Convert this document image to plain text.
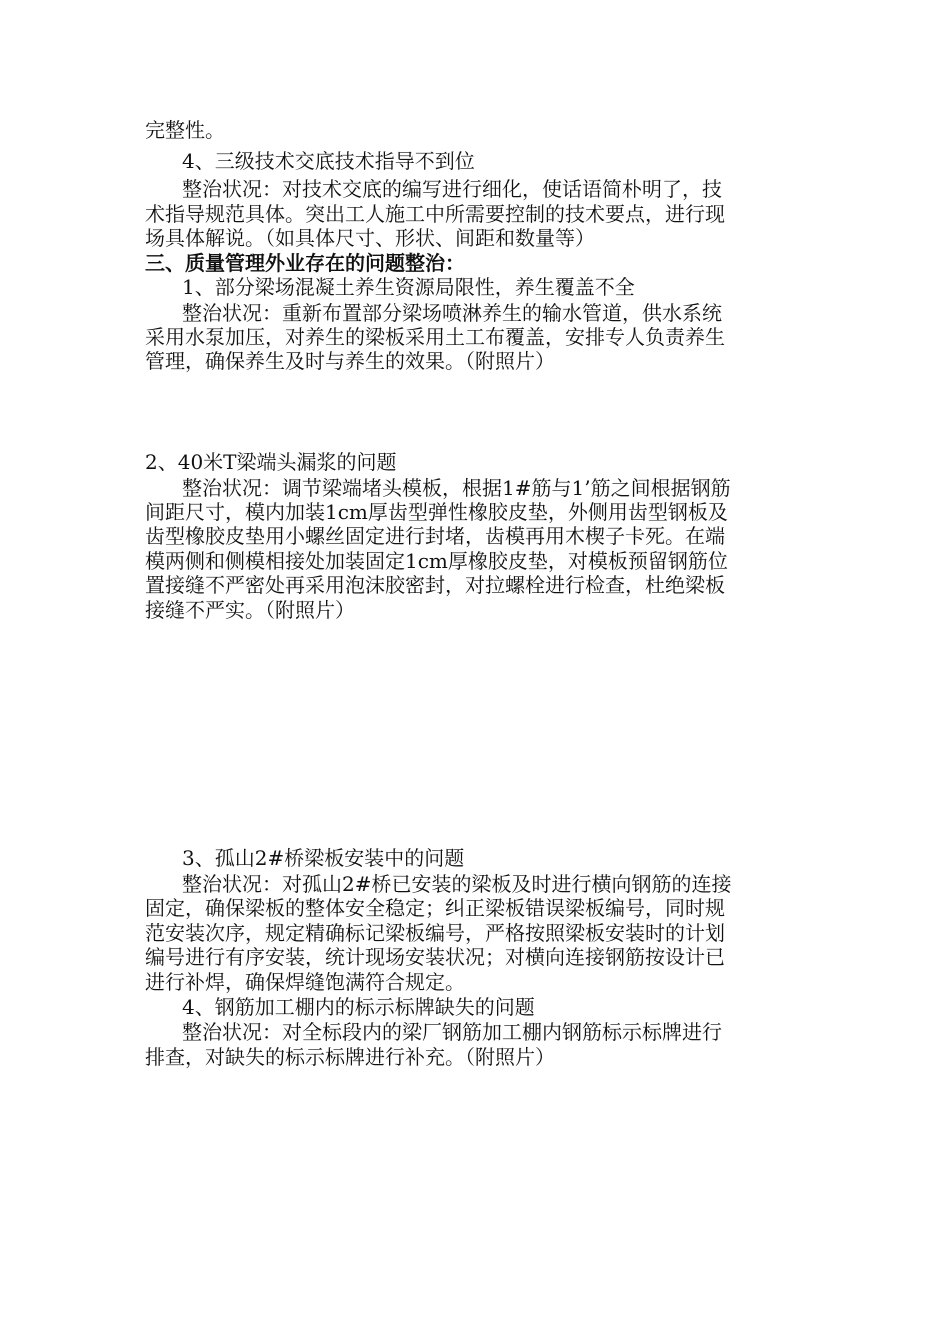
完整性。
4、三级技术交底技术指导不到位
整治状况：对技术交底的编写进行细化，使话语简朴明了，技
术指导规范具体。突出工人施工中所需要控制的技术要点，进行现
场具体解说。（如具体尺寸、形状、间距和数量等）
三、质量管理外业存在的问题整治：
1、部分梁场混凝土养生资源局限性，养生覆盖不全
整治状况：重新布置部分梁场喷淋养生的输水管道，供水系统
采用水泵加压，对养生的梁板采用土工布覆盖，安排专人负责养生
管理，确保养生及时与养生的效果。（附照片）
2、40米T梁端头漏浆的问题
整治状况：调节梁端堵头模板，根据1#筋与1’筋之间根据钢筋
间距尺寸，模内加装1cm厚齿型弹性橡胶皮垫，外侧用齿型钢板及
齿型橡胶皮垫用小螺丝固定进行封堵，齿模再用木楔子卡死。在端
模两侧和侧模相接处加装固定1cm厚橡胶皮垫，对模板预留钢筋位
置接缝不严密处再采用泡沫胶密封，对拉螺栓进行检查，杜绝梁板
接缝不严实。（附照片）
3、孤山2#桥梁板安装中的问题
整治状况：对孤山2#桥已安装的梁板及时进行横向钢筋的连接
固定，确保梁板的整体安全稳定；纠正梁板错误梁板编号，同时规
范安装次序，规定精确标记梁板编号，严格按照梁板安装时的计划
编号进行有序安装，统计现场安装状况；对横向连接钢筋按设计已
进行补焊，确保焊缝饱满符合规定。
4、钢筋加工棚内的标示标牌缺失的问题
整治状况：对全标段内的梁厂钢筋加工棚内钢筋标示标牌进行
排查，对缺失的标示标牌进行补充。（附照片）
